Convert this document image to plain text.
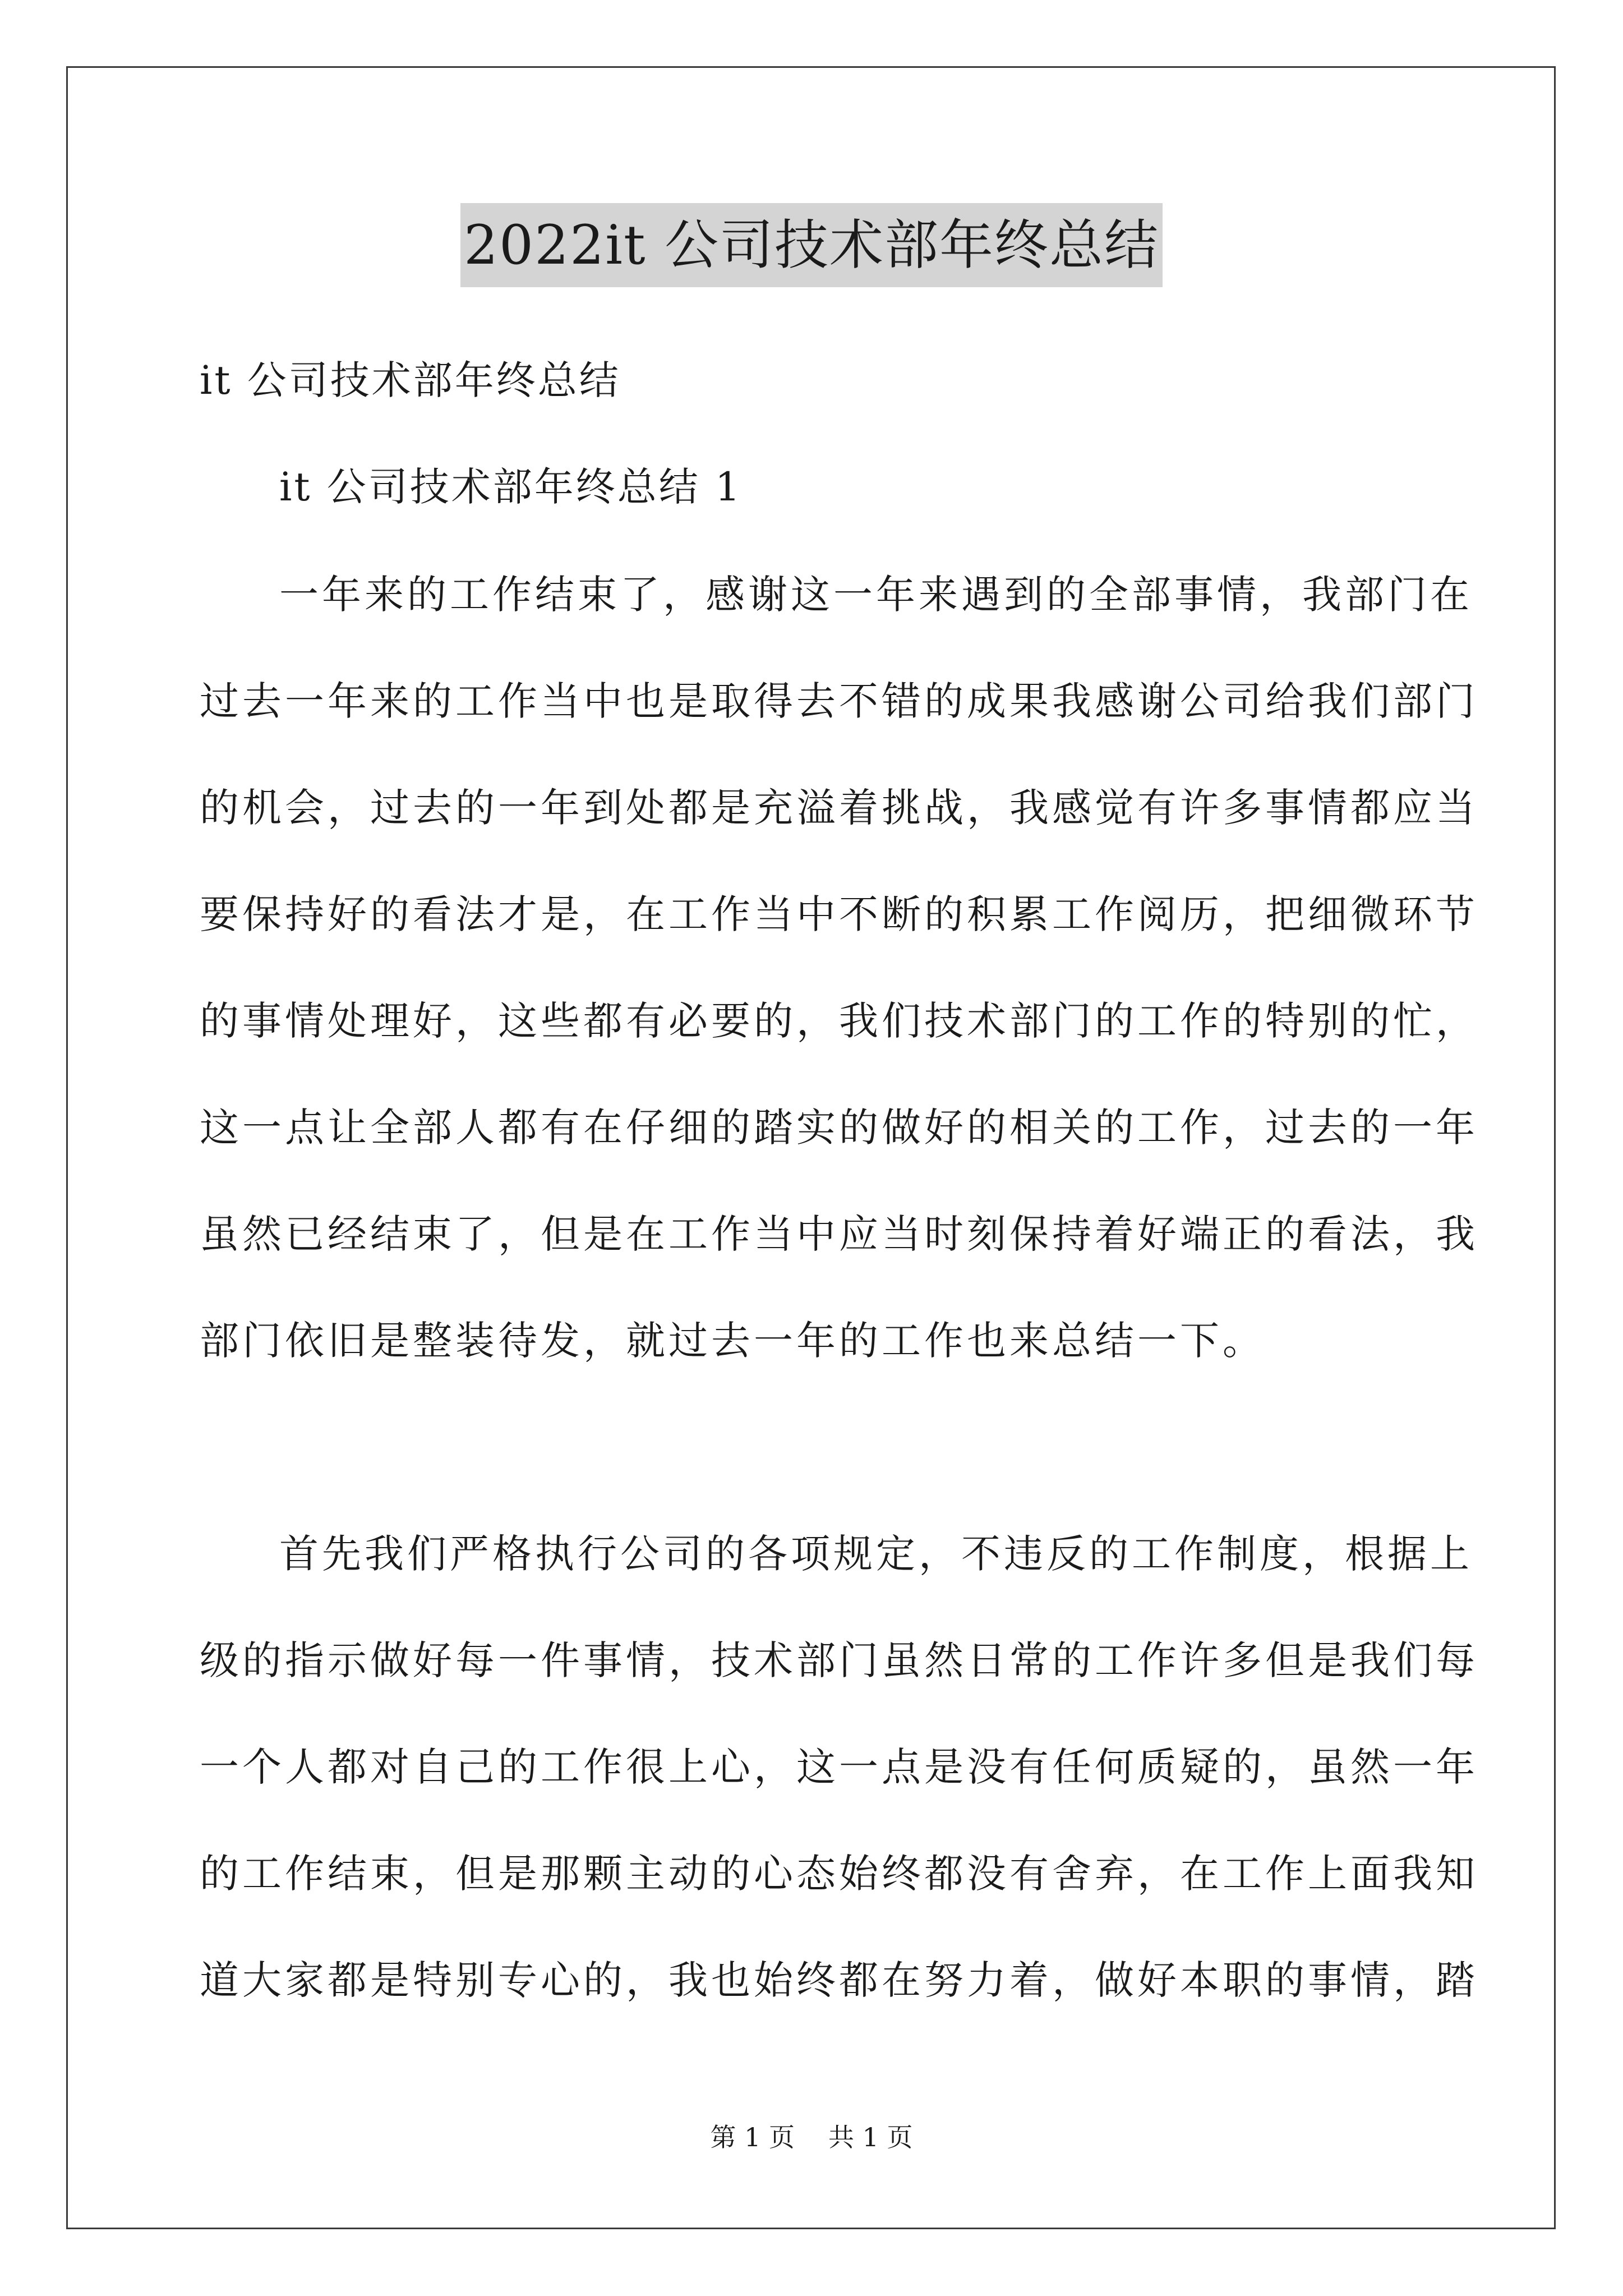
2022it 公司技术部年终总结
it 公司技术部年终总结
it 公司技术部年终总结 1
一年来的工作结束了，感谢这一年来遇到的全部事情，我部门在
过去一年来的工作当中也是取得去不错的成果我感谢公司给我们部门
的机会，过去的一年到处都是充溢着挑战，我感觉有许多事情都应当
要保持好的看法才是，在工作当中不断的积累工作阅历，把细微环节
的事情处理好，这些都有必要的，我们技术部门的工作的特别的忙，
这一点让全部人都有在仔细的踏实的做好的相关的工作，过去的一年
虽然已经结束了，但是在工作当中应当时刻保持着好端正的看法，我
部门依旧是整装待发，就过去一年的工作也来总结一下。
首先我们严格执行公司的各项规定，不违反的工作制度，根据上
级的指示做好每一件事情，技术部门虽然日常的工作许多但是我们每
一个人都对自己的工作很上心，这一点是没有任何质疑的，虽然一年
的工作结束，但是那颗主动的心态始终都没有舍弃，在工作上面我知
道大家都是特别专心的，我也始终都在努力着，做好本职的事情，踏
第 1 页 共 1 页
